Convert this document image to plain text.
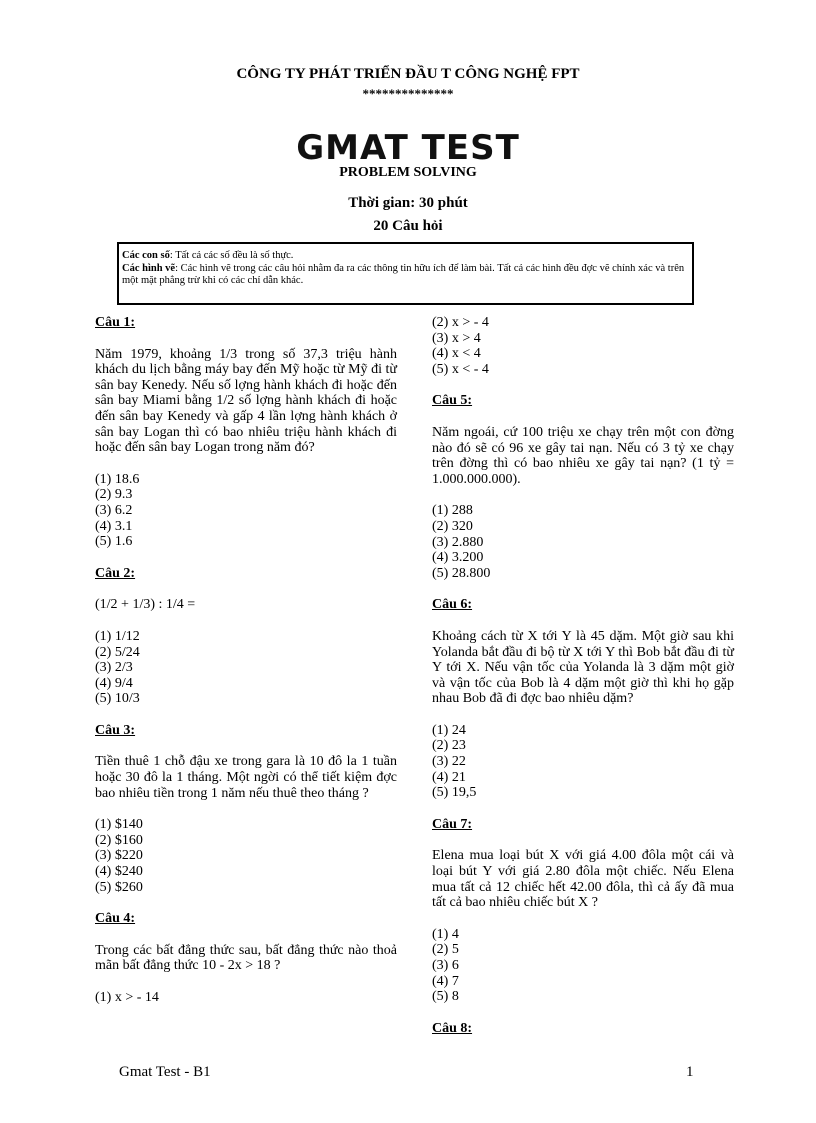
CÔNG TY PHÁT TRIỂN ĐẦU T CÔNG NGHỆ FPT
**************
GMAT TEST
PROBLEM SOLVING
Thời gian: 30 phút
20 Câu hỏi
Các con số: Tất cả các số đều là số thực.
Các hình vẽ: Các hình vẽ trong các câu hỏi nhằm đa ra các thông tin hữu ích để làm bài. Tất cả các hình đều đợc vẽ chính xác và trên một mặt phẳng trừ khi có các chỉ dẫn khác.
Câu 1:
Năm 1979, khoảng 1/3 trong số 37,3 triệu hành khách du lịch bằng máy bay đến Mỹ hoặc từ Mỹ đi từ sân bay Kenedy. Nếu số lợng hành khách đi hoặc đến sân bay Miami bằng 1/2 số lợng hành khách đi hoặc đến sân bay Kenedy và gấp 4 lần lợng hành khách ở sân bay Logan thì có bao nhiêu triệu hành khách đi hoặc đến sân bay Logan trong năm đó?
(1) 18.6
(2) 9.3
(3) 6.2
(4) 3.1
(5) 1.6
Câu 2:
(1/2 + 1/3) : 1/4 =
(1) 1/12
(2) 5/24
(3) 2/3
(4) 9/4
(5) 10/3
Câu 3:
Tiền thuê 1 chỗ đậu xe trong gara là 10 đô la 1 tuần hoặc 30 đô la 1 tháng. Một ngời có thể tiết kiệm đợc bao nhiêu tiền trong 1 năm nếu thuê theo tháng ?
(1) $140
(2) $160
(3) $220
(4) $240
(5) $260
Câu 4:
Trong các bất đẳng thức sau, bất đẳng thức nào thoả mãn bất đẳng thức 10 - 2x > 18 ?
(1) x > - 14
(2) x > - 4
(3) x > 4
(4) x < 4
(5) x < - 4
Câu 5:
Năm ngoái, cứ 100 triệu xe chạy trên một con đờng nào đó sẽ có 96 xe gây tai nạn. Nếu có 3 tỷ xe chạy trên đờng thì có bao nhiêu xe gây tai nạn? (1 tỷ = 1.000.000.000).
(1) 288
(2) 320
(3) 2.880
(4) 3.200
(5) 28.800
Câu 6:
Khoảng cách từ X tới Y là 45 dặm. Một giờ sau khi Yolanda bắt đầu đi bộ từ X tới Y thì Bob bắt đầu đi từ Y tới X. Nếu vận tốc của Yolanda là 3 dặm một giờ và vận tốc của Bob là 4 dặm một giờ thì khi họ gặp nhau Bob đã đi đợc bao nhiêu dặm?
(1) 24
(2) 23
(3) 22
(4) 21
(5) 19,5
Câu 7:
Elena mua loại bút X với giá 4.00 đôla một cái và loại bút Y với giá 2.80 đôla một chiếc. Nếu Elena mua tất cả 12 chiếc hết 42.00 đôla, thì cả ấy đã mua tất cả bao nhiêu chiếc bút X ?
(1) 4
(2) 5
(3) 6
(4) 7
(5) 8
Câu 8:
Gmat Test - B1	1
